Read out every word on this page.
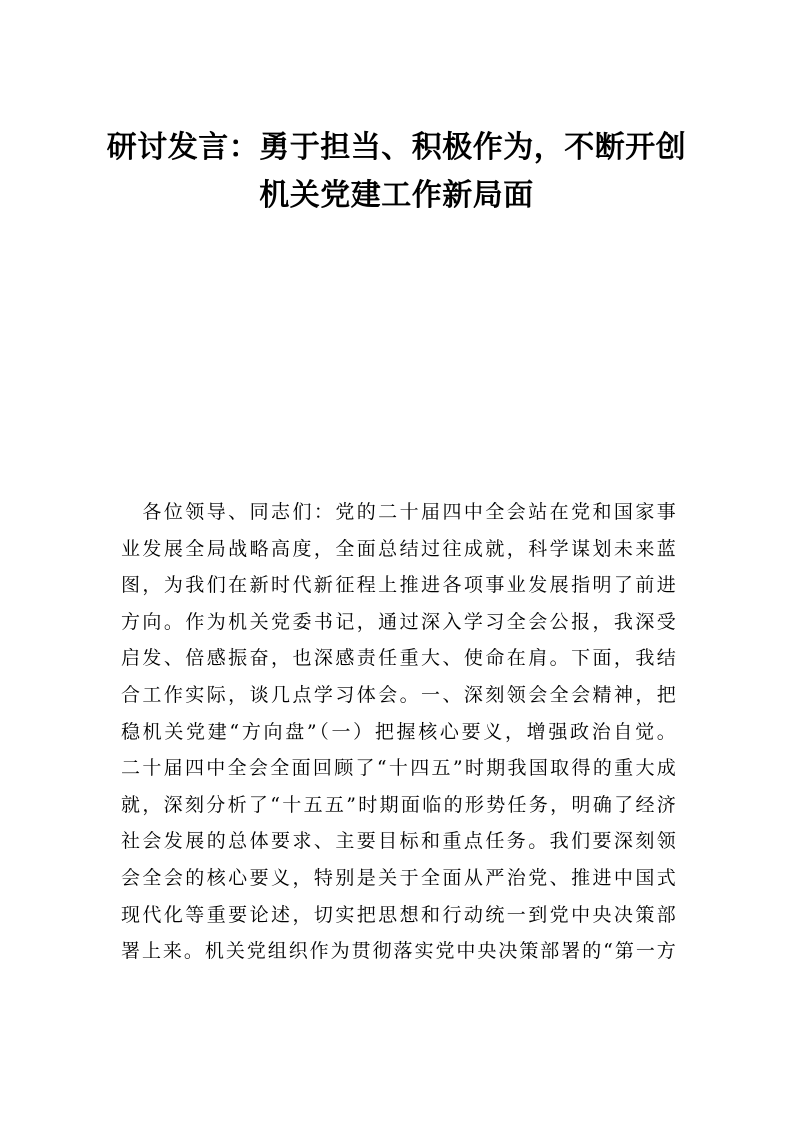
研讨发言：勇于担当、积极作为，不断开创
机关党建工作新局面
　各位领导、同志们：党的二十届四中全会站在党和国家事
业发展全局战略高度，全面总结过往成就，科学谋划未来蓝
图，为我们在新时代新征程上推进各项事业发展指明了前进
方向。作为机关党委书记，通过深入学习全会公报，我深受
启发、倍感振奋，也深感责任重大、使命在肩。下面，我结
合工作实际，谈几点学习体会。一、深刻领会全会精神，把
稳机关党建“方向盘”（一）把握核心要义，增强政治自觉。
二十届四中全会全面回顾了“十四五”时期我国取得的重大成
就，深刻分析了“十五五”时期面临的形势任务，明确了经济
社会发展的总体要求、主要目标和重点任务。我们要深刻领
会全会的核心要义，特别是关于全面从严治党、推进中国式
现代化等重要论述，切实把思想和行动统一到党中央决策部
署上来。机关党组织作为贯彻落实党中央决策部署的“第一方
